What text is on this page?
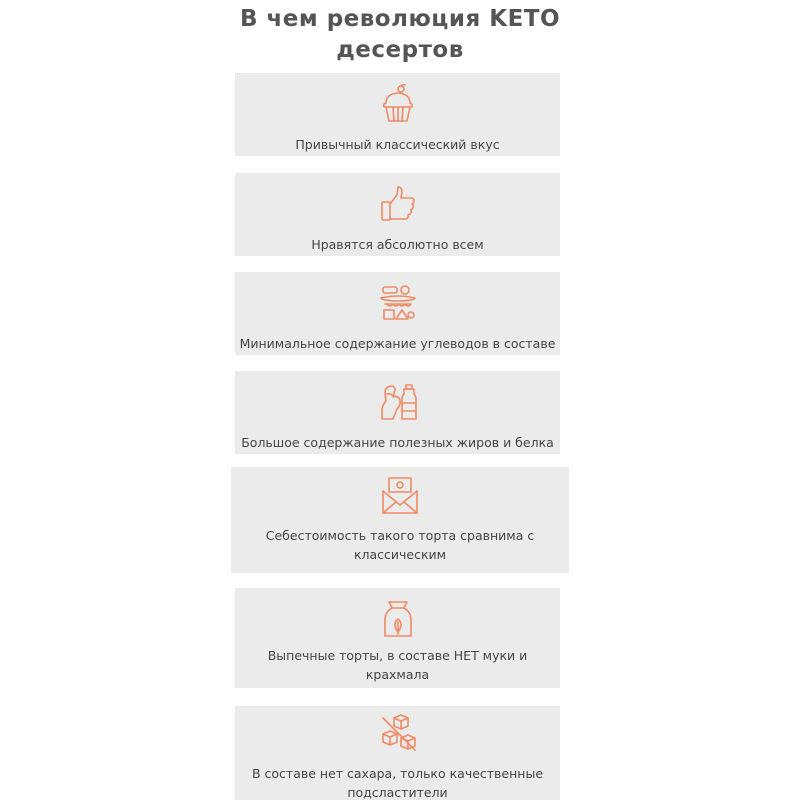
В чем революция KETO
десертов
Привычный классический вкус
Нравятся абсолютно всем
Минимальное содержание углеводов в составе
Большое содержание полезных жиров и белка
Себестоимость такого торта сравнима с
классическим
Выпечные торты, в составе НЕТ муки и
крахмала
В составе нет сахара, только качественные
подсластители
